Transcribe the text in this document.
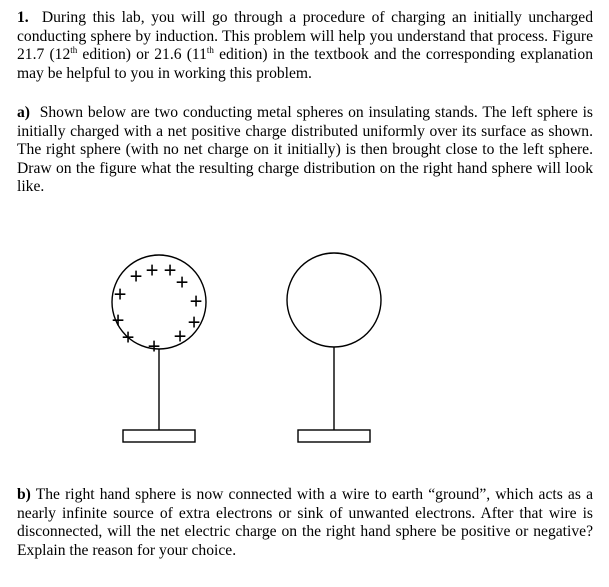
1. During this lab, you will go through a procedure of charging an initially uncharged conducting sphere by induction. This problem will help you understand that process. Figure 21.7 (12th edition) or 21.6 (11th edition) in the textbook and the corresponding explanation may be helpful to you in working this problem.

a) Shown below are two conducting metal spheres on insulating stands. The left sphere is initially charged with a net positive charge distributed uniformly over its surface as shown. The right sphere (with no net charge on it initially) is then brought close to the left sphere. Draw on the figure what the resulting charge distribution on the right hand sphere will look like.

+ + + +
+	+
+	+
+ + +

b) The right hand sphere is now connected with a wire to earth “ground”, which acts as a nearly infinite source of extra electrons or sink of unwanted electrons. After that wire is disconnected, will the net electric charge on the right hand sphere be positive or negative? Explain the reason for your choice.
